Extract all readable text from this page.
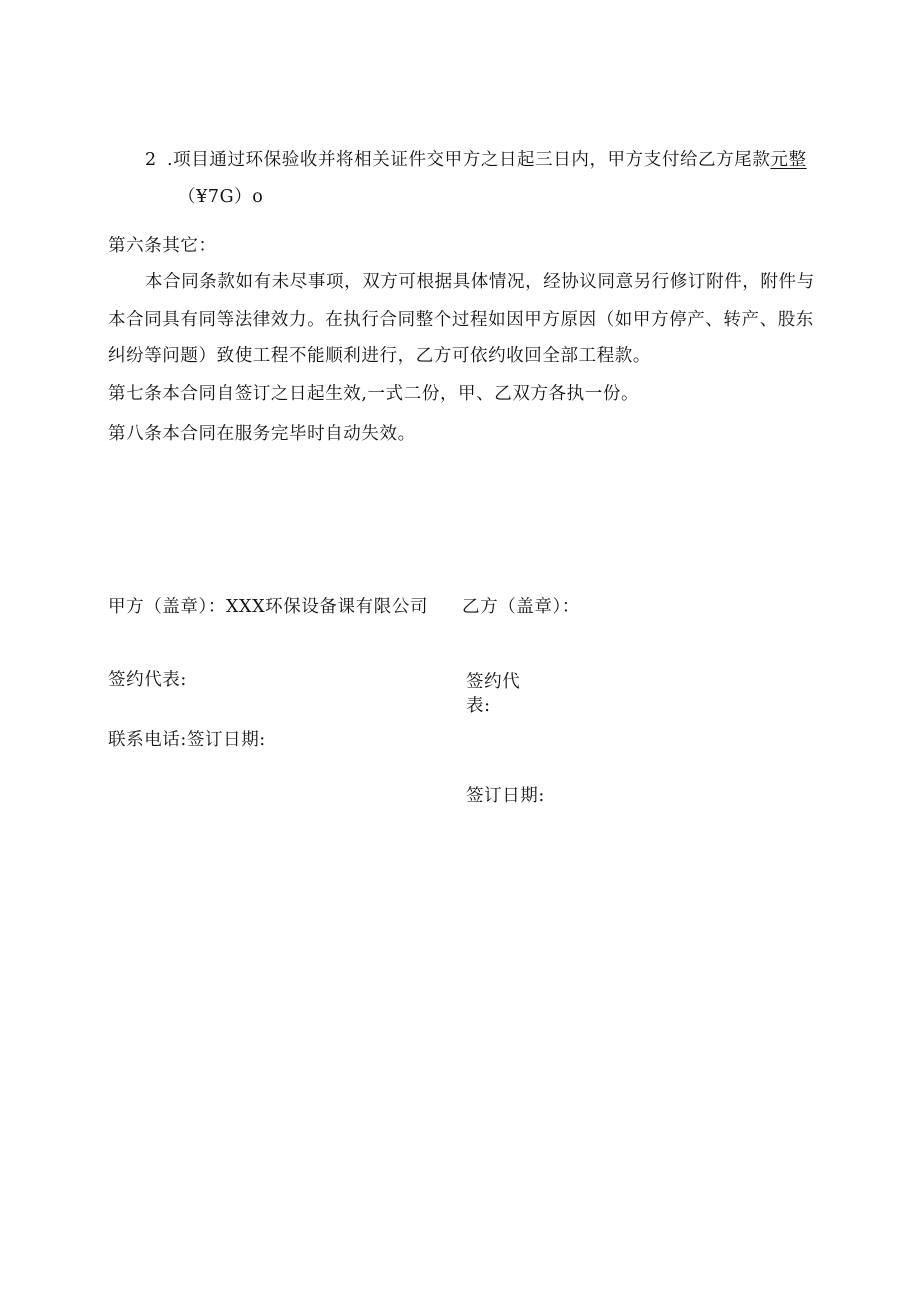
2 .项目通过环保验收并将相关证件交甲方之日起三日内，甲方支付给乙方尾款元整
（¥7G）o
第六条其它：
本合同条款如有未尽事项，双方可根据具体情况，经协议同意另行修订附件，附件与
本合同具有同等法律效力。在执行合同整个过程如因甲方原因（如甲方停产、转产、股东
纠纷等问题）致使工程不能顺利进行，乙方可依约收回全部工程款。
第七条本合同自签订之日起生效,一式二份，甲、乙双方各执一份。
第八条本合同在服务完毕时自动失效。
甲方（盖章）：XXX环保设备课有限公司 乙方（盖章）：
签约代表:	签约代
表:
联系电话:签订日期:
签订日期:
